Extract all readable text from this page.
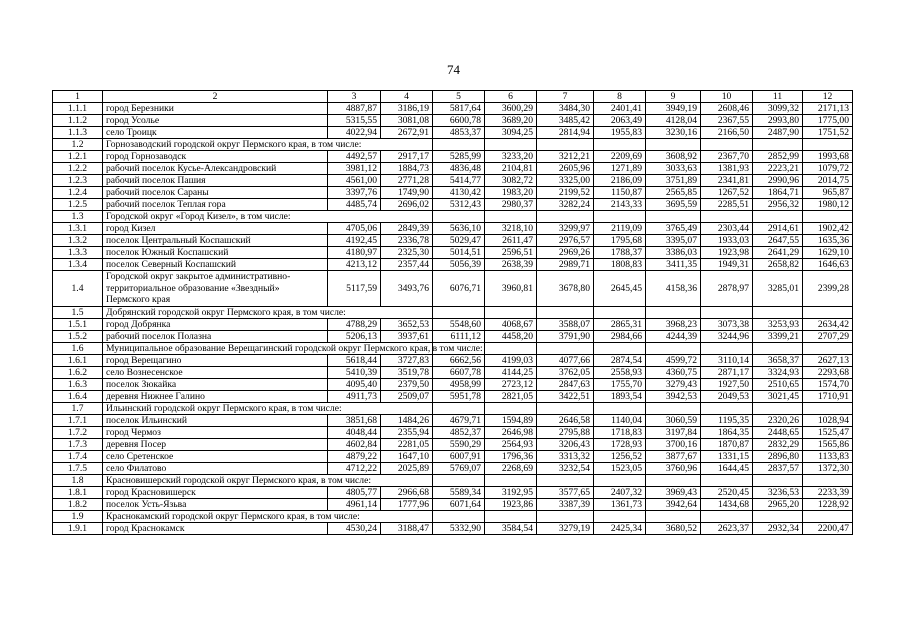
74
1	2	3	4	5	6	7	8	9	10	11	12
1.1.1	город Березники	4887,87	3186,19	5817,64	3600,29	3484,30	2401,41	3949,19	2608,46	3099,32	2171,13
1.1.2	город Усолье	5315,55	3081,08	6600,78	3689,20	3485,42	2063,49	4128,04	2367,55	2993,80	1775,00
1.1.3	село Троицк	4022,94	2672,91	4853,37	3094,25	2814,94	1955,83	3230,16	2166,50	2487,90	1751,52
1.2	Горнозаводский городской округ Пермского края, в том числе:										
1.2.1	город Горнозаводск	4492,57	2917,17	5285,99	3233,20	3212,21	2209,69	3608,92	2367,70	2852,99	1993,68
1.2.2	рабочий поселок Кусье-Александровский	3981,12	1884,73	4836,48	2104,81	2605,96	1271,89	3033,63	1381,93	2223,21	1079,72
1.2.3	рабочий поселок Пашия	4561,00	2771,28	5414,77	3082,72	3325,00	2186,09	3751,89	2341,81	2990,96	2014,75
1.2.4	рабочий поселок Сараны	3397,76	1749,90	4130,42	1983,20	2199,52	1150,87	2565,85	1267,52	1864,71	965,87
1.2.5	рабочий поселок Теплая гора	4485,74	2696,02	5312,43	2980,37	3282,24	2143,33	3695,59	2285,51	2956,32	1980,12
1.3	Городской округ «Город Кизел», в том числе:										
1.3.1	город Кизел	4705,06	2849,39	5636,10	3218,10	3299,97	2119,09	3765,49	2303,44	2914,61	1902,42
1.3.2	поселок Центральный Коспашский	4192,45	2336,78	5029,47	2611,47	2976,57	1795,68	3395,07	1933,03	2647,55	1635,36
1.3.3	поселок Южный Коспашский	4180,97	2325,30	5014,51	2596,51	2969,26	1788,37	3386,03	1923,98	2641,29	1629,10
1.3.4	поселок Северный Коспашский	4213,12	2357,44	5056,39	2638,39	2989,71	1808,83	3411,35	1949,31	2658,82	1646,63
1.4	Городской округ закрытое административно-территориальное образование «Звездный» Пермского края	5117,59	3493,76	6076,71	3960,81	3678,80	2645,45	4158,36	2878,97	3285,01	2399,28
1.5	Добрянский городской округ Пермского края, в том числе:										
1.5.1	город Добрянка	4788,29	3652,53	5548,60	4068,67	3588,07	2865,31	3968,23	3073,38	3253,93	2634,42
1.5.2	рабочий поселок Полазна	5206,13	3937,61	6111,12	4458,20	3791,90	2984,66	4244,39	3244,96	3399,21	2707,29
1.6	Муниципальное образование Верещагинский городской округ Пермского края, в том числе:										
1.6.1	город Верещагино	5618,44	3727,83	6662,56	4199,03	4077,66	2874,54	4599,72	3110,14	3658,37	2627,13
1.6.2	село Вознесенское	5410,39	3519,78	6607,78	4144,25	3762,05	2558,93	4360,75	2871,17	3324,93	2293,68
1.6.3	поселок Зюкайка	4095,40	2379,50	4958,99	2723,12	2847,63	1755,70	3279,43	1927,50	2510,65	1574,70
1.6.4	деревня Нижнее Галино	4911,73	2509,07	5951,78	2821,05	3422,51	1893,54	3942,53	2049,53	3021,45	1710,91
1.7	Ильинский городской округ Пермского края, в том числе:										
1.7.1	поселок Ильинский	3851,68	1484,26	4679,71	1594,89	2646,58	1140,04	3060,59	1195,35	2320,26	1028,94
1.7.2	город Чермоз	4048,44	2355,94	4852,37	2646,98	2795,88	1718,83	3197,84	1864,35	2448,65	1525,47
1.7.3	деревня Посер	4602,84	2281,05	5590,29	2564,93	3206,43	1728,93	3700,16	1870,87	2832,29	1565,86
1.7.4	село Сретенское	4879,22	1647,10	6007,91	1796,36	3313,32	1256,52	3877,67	1331,15	2896,80	1133,83
1.7.5	село Филатово	4712,22	2025,89	5769,07	2268,69	3232,54	1523,05	3760,96	1644,45	2837,57	1372,30
1.8	Красновишерский городской округ Пермского края, в том числе:										
1.8.1	город Красновишерск	4805,77	2966,68	5589,34	3192,95	3577,65	2407,32	3969,43	2520,45	3236,53	2233,39
1.8.2	поселок Усть-Язьва	4961,14	1777,96	6071,64	1923,86	3387,39	1361,73	3942,64	1434,68	2965,20	1228,92
1.9	Краснокамский городской округ Пермского края, в том числе:										
1.9.1	город Краснокамск	4530,24	3188,47	5332,90	3584,54	3279,19	2425,34	3680,52	2623,37	2932,34	2200,47
